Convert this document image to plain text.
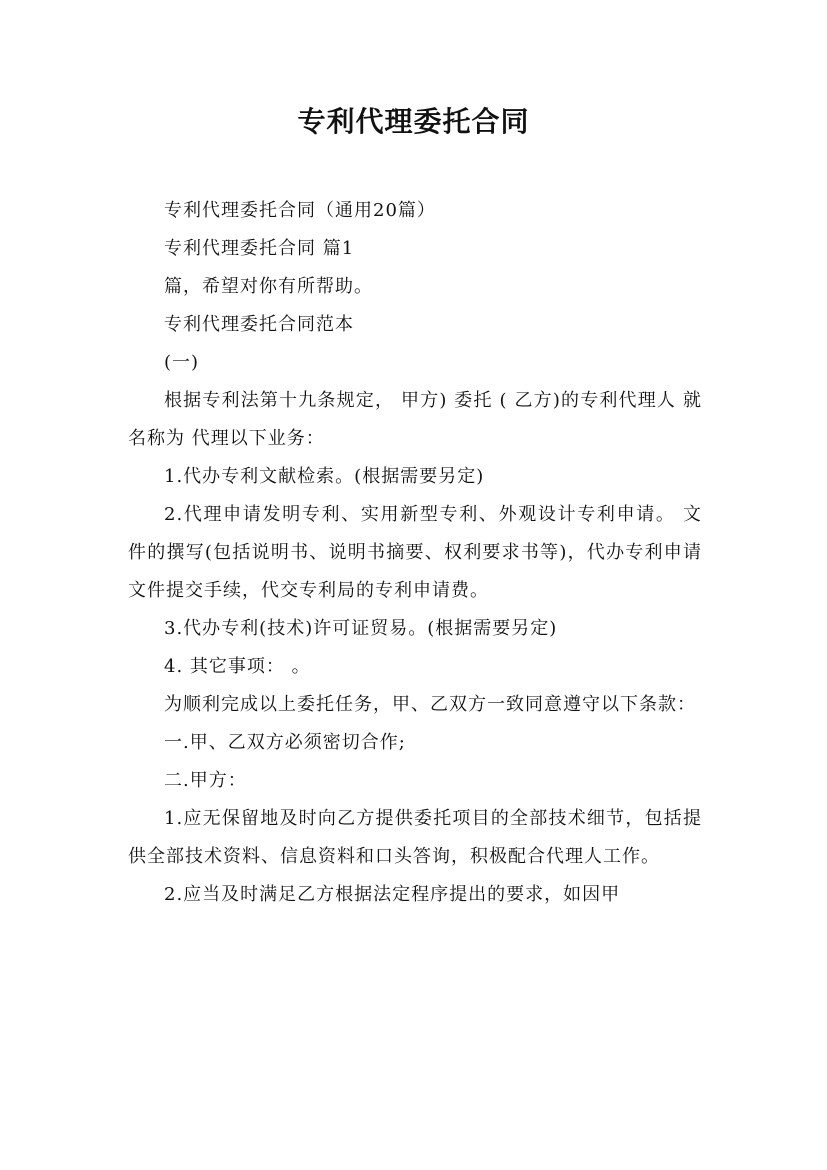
专利代理委托合同

专利代理委托合同（通用20篇）

专利代理委托合同 篇1

篇，希望对你有所帮助。

专利代理委托合同范本

(一)

根据专利法第十九条规定， 甲方) 委托 ( 乙方)的专利代理人 就名称为 代理以下业务：

1.代办专利文献检索。(根据需要另定)

2.代理申请发明专利、实用新型专利、外观设计专利申请。 文件的撰写(包括说明书、说明书摘要、权利要求书等)，代办专利申请文件提交手续，代交专利局的专利申请费。

3.代办专利(技术)许可证贸易。(根据需要另定)

4. 其它事项： 。

为顺利完成以上委托任务，甲、乙双方一致同意遵守以下条款：

一.甲、乙双方必须密切合作;

二.甲方：

1.应无保留地及时向乙方提供委托项目的全部技术细节，包括提供全部技术资料、信息资料和口头答询，积极配合代理人工作。

2.应当及时满足乙方根据法定程序提出的要求，如因甲
